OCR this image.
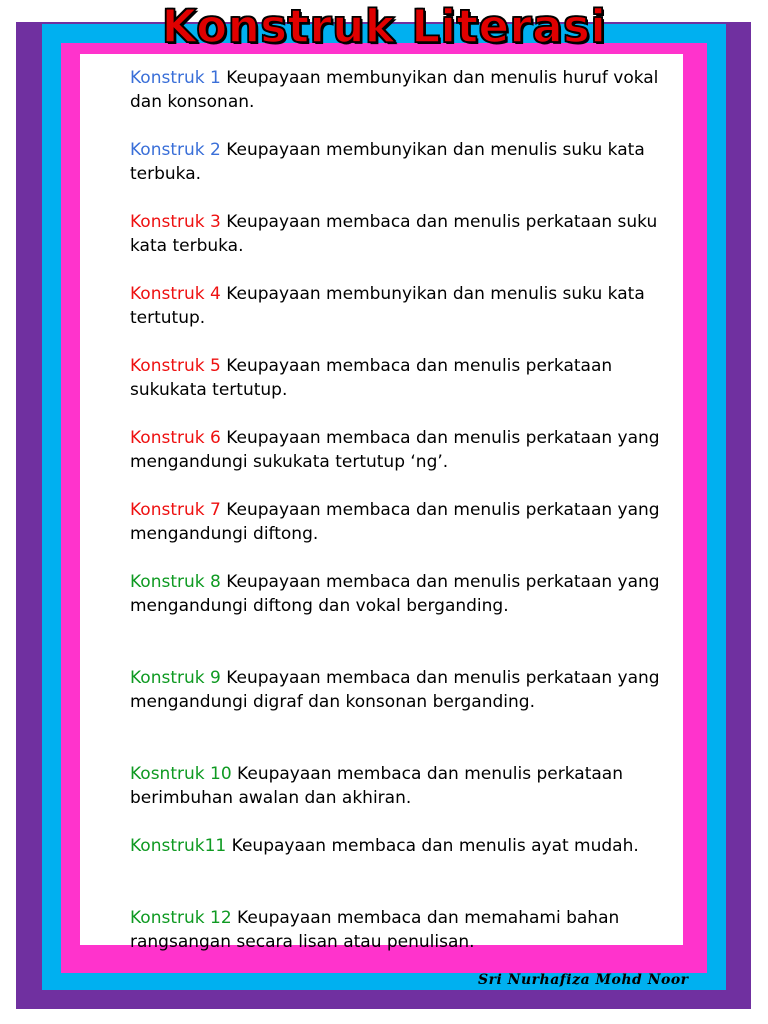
Konstruk Literasi
Konstruk 1 Keupayaan membunyikan dan menulis huruf vokal dan konsonan.
Konstruk 2 Keupayaan membunyikan dan menulis suku kata terbuka.
Konstruk 3 Keupayaan membaca dan menulis perkataan suku kata terbuka.
Konstruk 4 Keupayaan membunyikan dan menulis suku kata tertutup.
Konstruk 5 Keupayaan membaca dan menulis perkataan sukukata tertutup.
Konstruk 6 Keupayaan membaca dan menulis perkataan yang mengandungi sukukata tertutup ‘ng’.
Konstruk 7 Keupayaan membaca dan menulis perkataan yang mengandungi diftong.
Konstruk 8 Keupayaan membaca dan menulis perkataan yang mengandungi diftong dan vokal berganding.
Konstruk 9 Keupayaan membaca dan menulis perkataan yang mengandungi digraf dan konsonan berganding.
Kosntruk 10 Keupayaan membaca dan menulis perkataan berimbuhan awalan dan akhiran.
Konstruk11 Keupayaan membaca dan menulis ayat mudah.
Konstruk 12 Keupayaan membaca dan memahami bahan rangsangan secara lisan atau penulisan.
Sri Nurhafiza Mohd Noor
